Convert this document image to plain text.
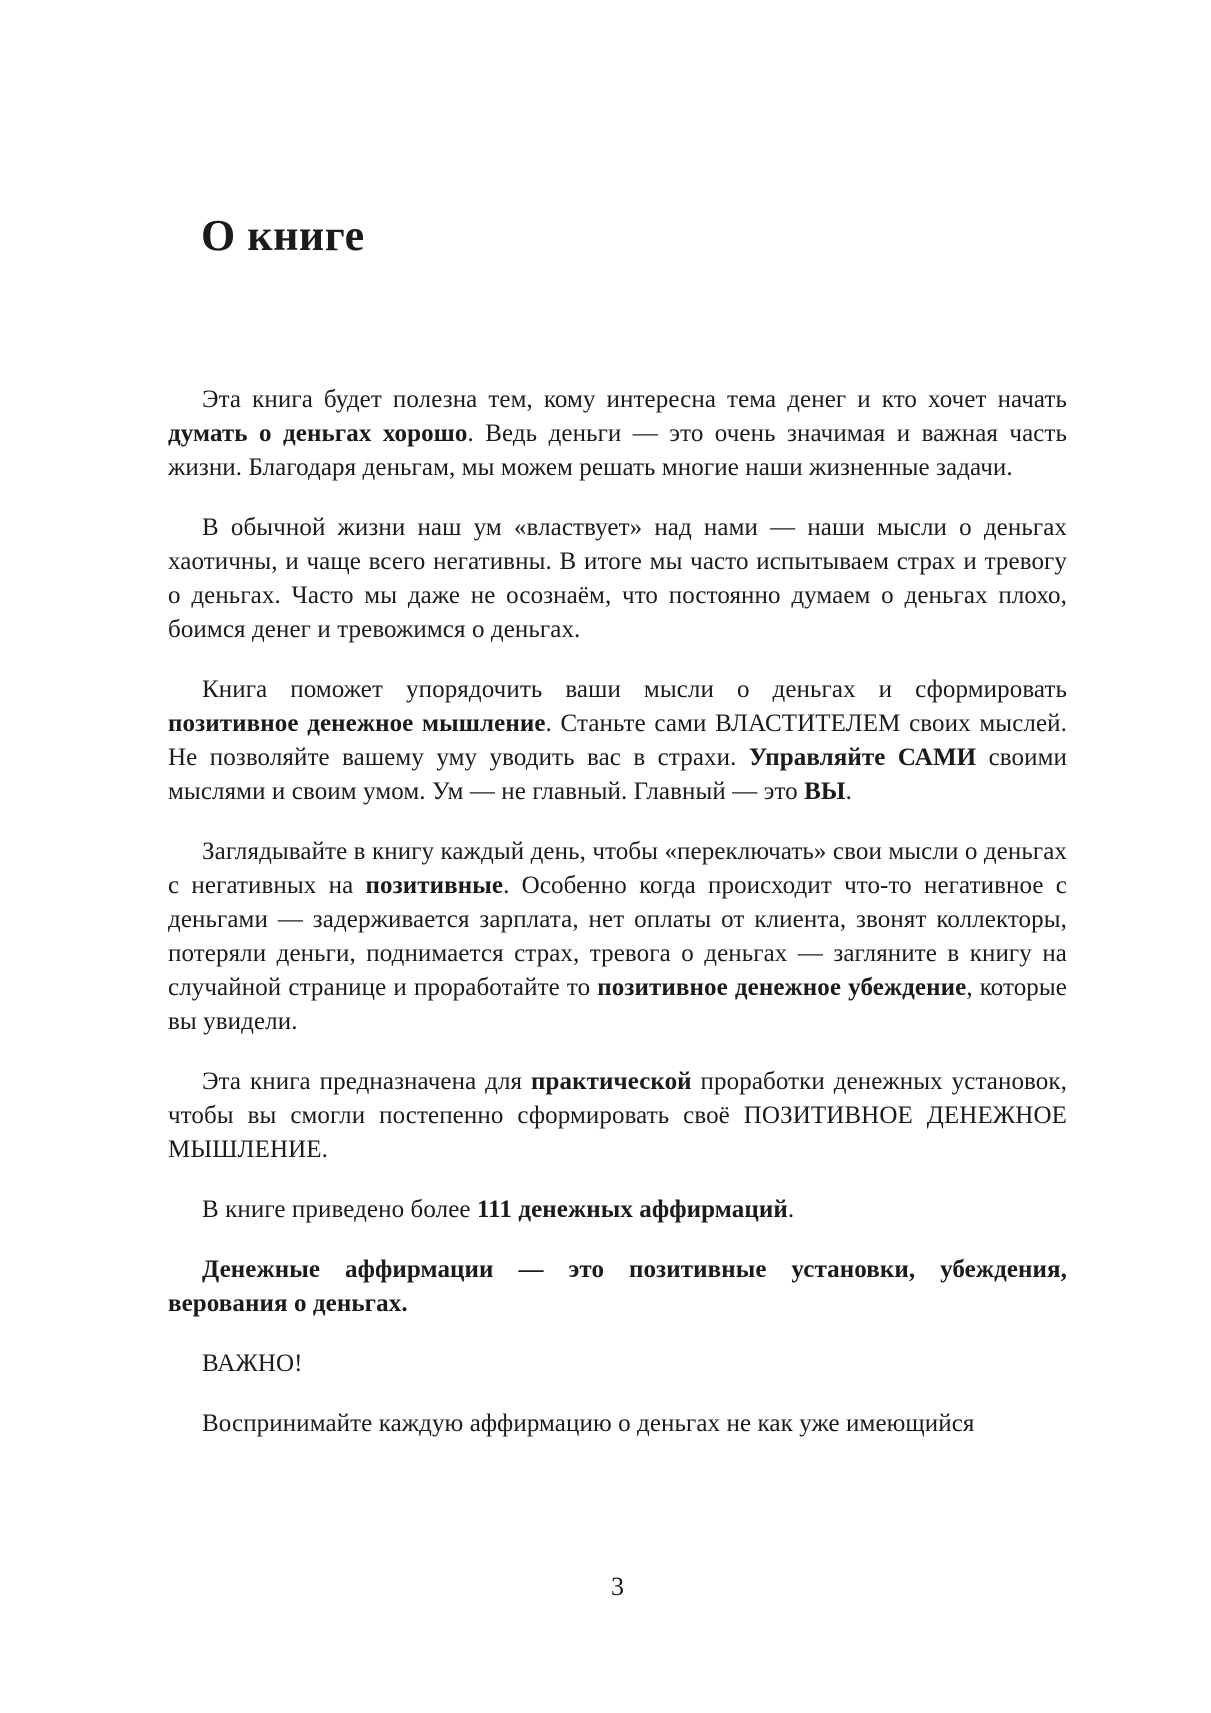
О книге

Эта книга будет полезна тем, кому интересна тема денег и кто хочет начать думать о деньгах хорошо. Ведь деньги — это очень значимая и важная часть жизни. Благодаря деньгам, мы можем решать многие наши жизненные задачи.

В обычной жизни наш ум «властвует» над нами — наши мысли о деньгах хаотичны, и чаще всего негативны. В итоге мы часто испытываем страх и тревогу о деньгах. Часто мы даже не осознаём, что постоянно думаем о деньгах плохо, боимся денег и тревожимся о деньгах.

Книга поможет упорядочить ваши мысли о деньгах и сформировать позитивное денежное мышление. Станьте сами ВЛАСТИТЕЛЕМ своих мыслей. Не позволяйте вашему уму уводить вас в страхи. Управляйте САМИ своими мыслями и своим умом. Ум — не главный. Главный — это ВЫ.

Заглядывайте в книгу каждый день, чтобы «переключать» свои мысли о деньгах с негативных на позитивные. Особенно когда происходит что-то негативное с деньгами — задерживается зарплата, нет оплаты от клиента, звонят коллекторы, потеряли деньги, поднимается страх, тревога о деньгах — загляните в книгу на случайной странице и проработайте то позитивное денежное убеждение, которые вы увидели.

Эта книга предназначена для практической проработки денежных установок, чтобы вы смогли постепенно сформировать своё ПОЗИТИВНОЕ ДЕНЕЖНОЕ МЫШЛЕНИЕ.

В книге приведено более 111 денежных аффирмаций.

Денежные аффирмации — это позитивные установки, убеждения, верования о деньгах.

ВАЖНО!

Воспринимайте каждую аффирмацию о деньгах не как уже имеющийся

3
